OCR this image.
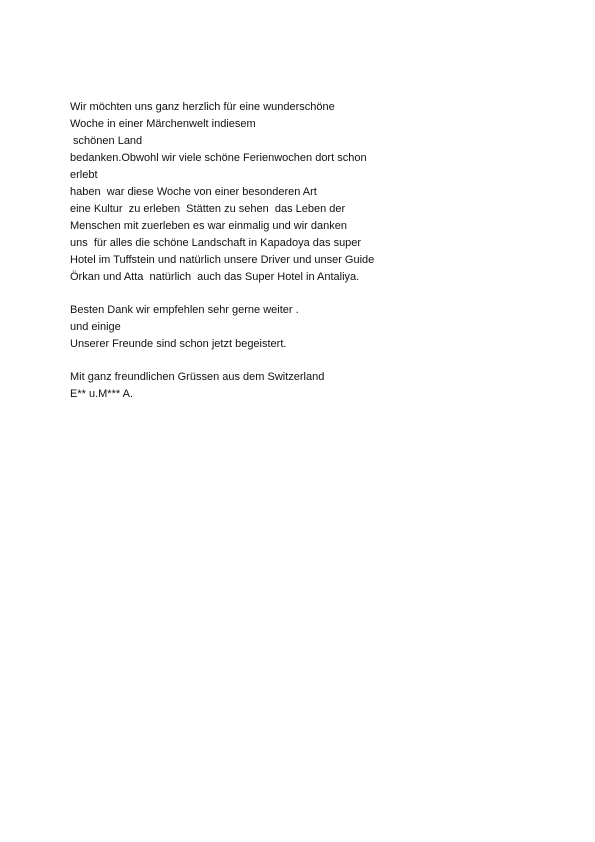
Wir möchten uns ganz herzlich für eine wunderschöne
Woche in einer Märchenwelt indiesem
schönen Land
bedanken.Obwohl wir viele schöne Ferienwochen dort schon
erlebt
haben  war diese Woche von einer besonderen Art
eine Kultur  zu erleben  Stätten zu sehen  das Leben der
Menschen mit zuerleben es war einmalig und wir danken
uns  für alles die schöne Landschaft in Kapadoya das super
Hotel im Tuffstein und natürlich unsere Driver und unser Guide
Örkan und Atta  natürlich  auch das Super Hotel in Antaliya.
Besten Dank wir empfehlen sehr gerne weiter .
und einige
Unserer Freunde sind schon jetzt begeistert.
Mit ganz freundlichen Grüssen aus dem Switzerland
E** u.M*** A.
